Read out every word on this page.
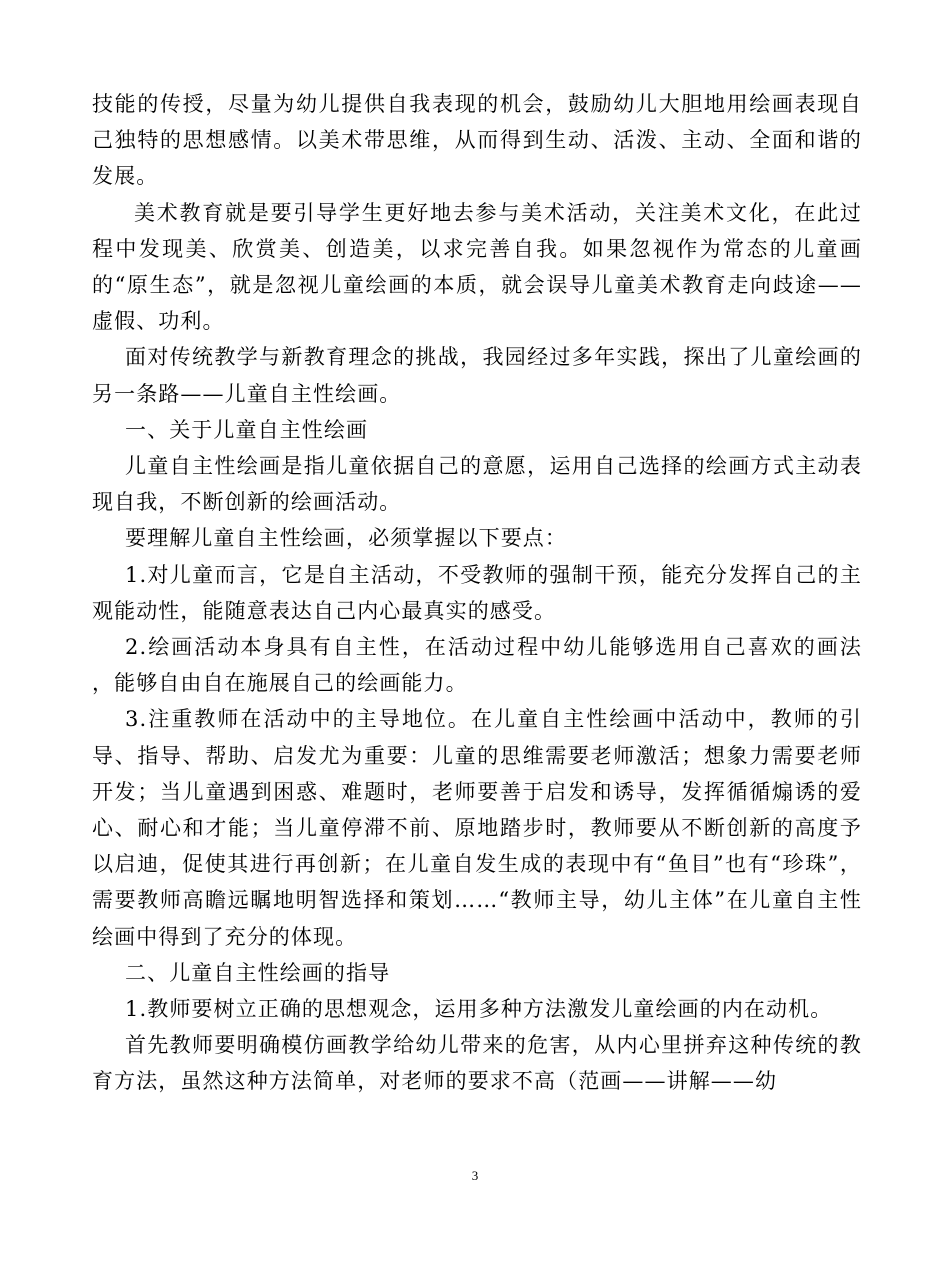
技能的传授，尽量为幼儿提供自我表现的机会，鼓励幼儿大胆地用绘画表现自己独特的思想感情。以美术带思维，从而得到生动、活泼、主动、全面和谐的发展。

美术教育就是要引导学生更好地去参与美术活动，关注美术文化，在此过程中发现美、欣赏美、创造美，以求完善自我。如果忽视作为常态的儿童画的“原生态”，就是忽视儿童绘画的本质，就会误导儿童美术教育走向歧途——虚假、功利。

面对传统教学与新教育理念的挑战，我园经过多年实践，探出了儿童绘画的另一条路——儿童自主性绘画。

一、关于儿童自主性绘画

儿童自主性绘画是指儿童依据自己的意愿，运用自己选择的绘画方式主动表现自我，不断创新的绘画活动。

要理解儿童自主性绘画，必须掌握以下要点：

1.对儿童而言，它是自主活动，不受教师的强制干预，能充分发挥自己的主观能动性，能随意表达自己内心最真实的感受。

2.绘画活动本身具有自主性，在活动过程中幼儿能够选用自己喜欢的画法 ，能够自由自在施展自己的绘画能力。

3.注重教师在活动中的主导地位。在儿童自主性绘画中活动中，教师的引导、指导、帮助、启发尤为重要：儿童的思维需要老师激活；想象力需要老师开发；当儿童遇到困惑、难题时，老师要善于启发和诱导，发挥循循煽诱的爱心、耐心和才能；当儿童停滞不前、原地踏步时，教师要从不断创新的高度予以启迪，促使其进行再创新；在儿童自发生成的表现中有“鱼目”也有“珍珠”，需要教师高瞻远瞩地明智选择和策划……“教师主导，幼儿主体”在儿童自主性绘画中得到了充分的体现。

二、儿童自主性绘画的指导

1.教师要树立正确的思想观念，运用多种方法激发儿童绘画的内在动机。

首先教师要明确模仿画教学给幼儿带来的危害，从内心里拼弃这种传统的教育方法，虽然这种方法简单，对老师的要求不高（范画——讲解——幼

3
